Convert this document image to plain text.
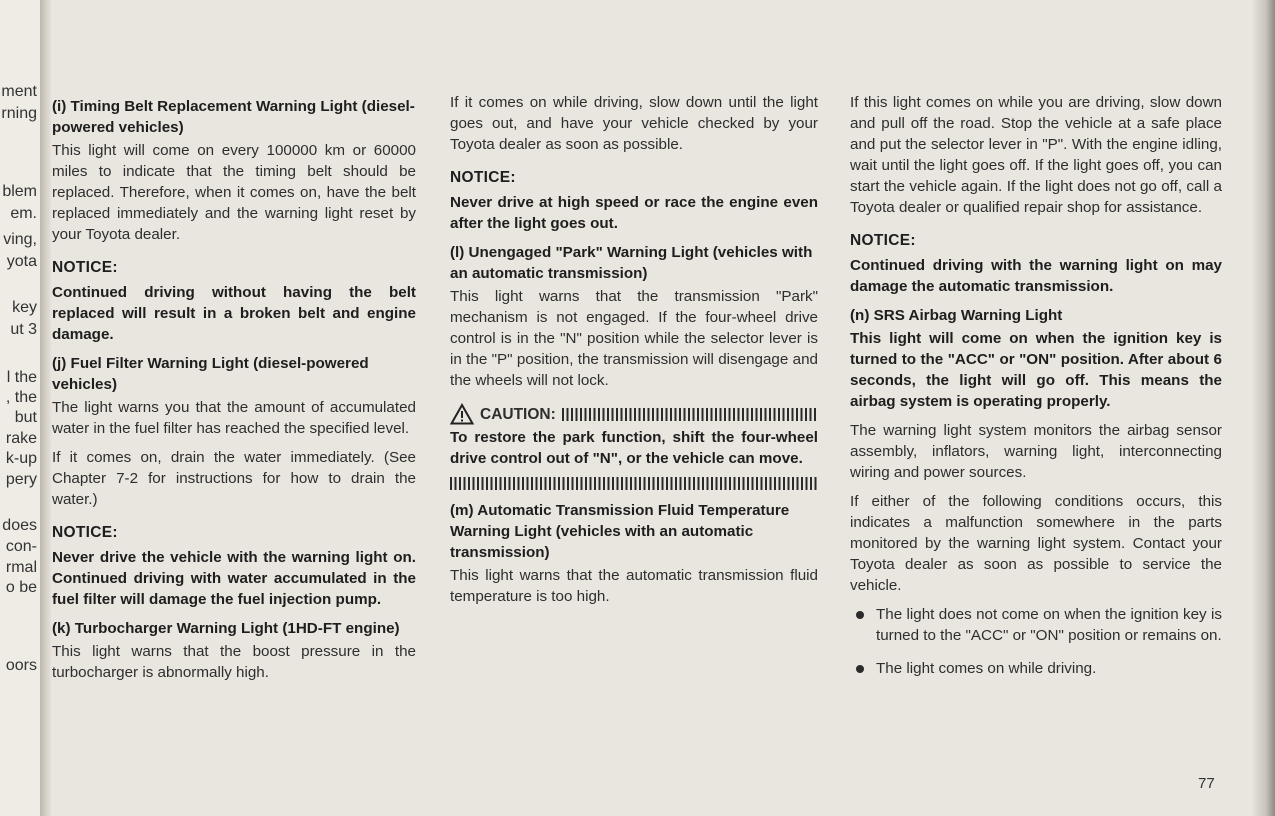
ment
rning
blem
em.
ving,
yota
key
ut 3
l the
, the
but
rake
k-up
pery
does
con-
rmal
o be
oors
(i) Timing Belt Replacement Warning Light (diesel-powered vehicles)

This light will come on every 100000 km or 60000 miles to indicate that the timing belt should be replaced. Therefore, when it comes on, have the belt replaced immediately and the warning light reset by your Toyota dealer.

NOTICE:

Continued driving without having the belt replaced will result in a broken belt and engine damage.

(j) Fuel Filter Warning Light (diesel-powered vehicles)

The light warns you that the amount of accumulated water in the fuel filter has reached the specified level.

If it comes on, drain the water immediately. (See Chapter 7-2 for instructions for how to drain the water.)

NOTICE:

Never drive the vehicle with the warning light on. Continued driving with water accumulated in the fuel filter will damage the fuel injection pump.

(k) Turbocharger Warning Light (1HD-FT engine)

This light warns that the boost pressure in the turbocharger is abnormally high.

If it comes on while driving, slow down until the light goes out, and have your vehicle checked by your Toyota dealer as soon as possible.

NOTICE:

Never drive at high speed or race the engine even after the light goes out.

(l) Unengaged "Park" Warning Light (vehicles with an automatic transmission)

This light warns that the transmission "Park" mechanism is not engaged. If the four-wheel drive control is in the "N" position while the selector lever is in the "P" position, the transmission will disengage and the wheels will not lock.

CAUTION:

To restore the park function, shift the four-wheel drive control out of "N", or the vehicle can move.

(m) Automatic Transmission Fluid Temperature Warning Light (vehicles with an automatic transmission)

This light warns that the automatic transmission fluid temperature is too high.

If this light comes on while you are driving, slow down and pull off the road. Stop the vehicle at a safe place and put the selector lever in "P". With the engine idling, wait until the light goes off. If the light goes off, you can start the vehicle again. If the light does not go off, call a Toyota dealer or qualified repair shop for assistance.

NOTICE:

Continued driving with the warning light on may damage the automatic transmission.

(n) SRS Airbag Warning Light

This light will come on when the ignition key is turned to the "ACC" or "ON" position. After about 6 seconds, the light will go off. This means the airbag system is operating properly.

The warning light system monitors the airbag sensor assembly, inflators, warning light, interconnecting wiring and power sources.

If either of the following conditions occurs, this indicates a malfunction somewhere in the parts monitored by the warning light system. Contact your Toyota dealer as soon as possible to service the vehicle.

The light does not come on when the ignition key is turned to the "ACC" or "ON" position or remains on.
The light comes on while driving.
77
